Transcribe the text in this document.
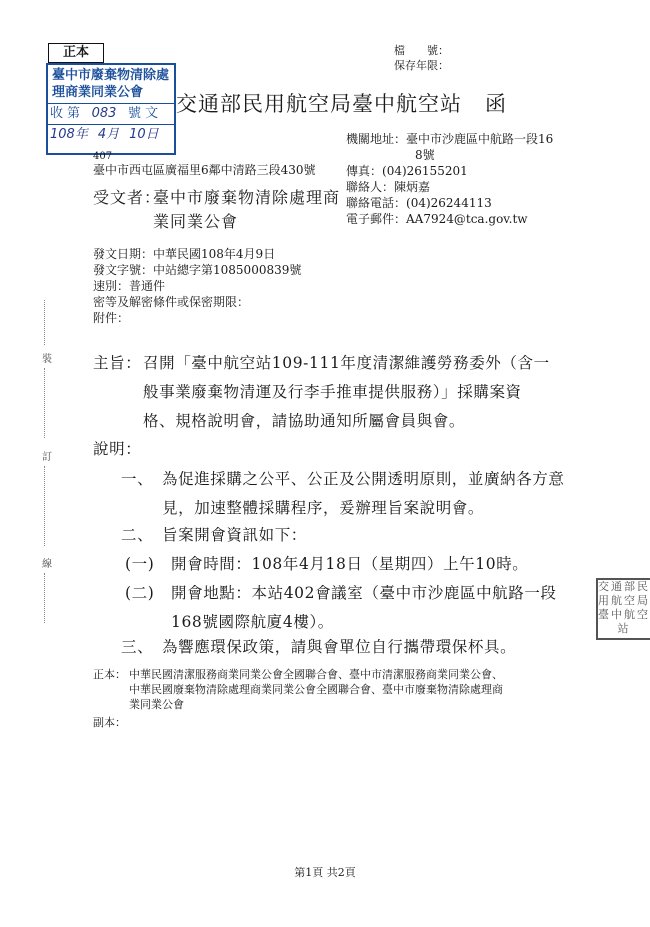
正本
臺中市廢棄物清除處理商業同業公會
收 第 083 號 文
108年 4月 10日
檔　　號：
保存年限：
交通部民用航空局臺中航空站 函
407
臺中市西屯區廣福里6鄰中清路三段430號
機關地址：臺中市沙鹿區中航路一段16
8號
傳真：(04)26155201
聯絡人：陳炳嘉
聯絡電話：(04)26244113
電子郵件：AA7924@tca.gov.tw
受文者：
臺中市廢棄物清除處理商
業同業公會
發文日期：中華民國108年4月9日
發文字號：中站總字第1085000839號
速別：普通件
密等及解密條件或保密期限：
附件：
主旨： 召開「臺中航空站109-111年度清潔維護勞務委外（含一
般事業廢棄物清運及行李手推車提供服務）」採購案資
格、規格說明會，請協助通知所屬會員與會。
說明：
一、 為促進採購之公平、公正及公開透明原則，並廣納各方意
見，加速整體採購程序，爰辦理旨案說明會。
二、 旨案開會資訊如下：
(一) 開會時間：108年4月18日（星期四）上午10時。
(二) 開會地點：本站402會議室（臺中市沙鹿區中航路一段
168號國際航廈4樓）。
三、 為響應環保政策，請與會單位自行攜帶環保杯具。
交通部民用航空局臺中航空站
正本： 中華民國清潔服務商業同業公會全國聯合會、臺中市清潔服務商業同業公會、
中華民國廢棄物清除處理商業同業公會全國聯合會、臺中市廢棄物清除處理商
業同業公會
副本：
裝
訂
線
第1頁 共2頁
